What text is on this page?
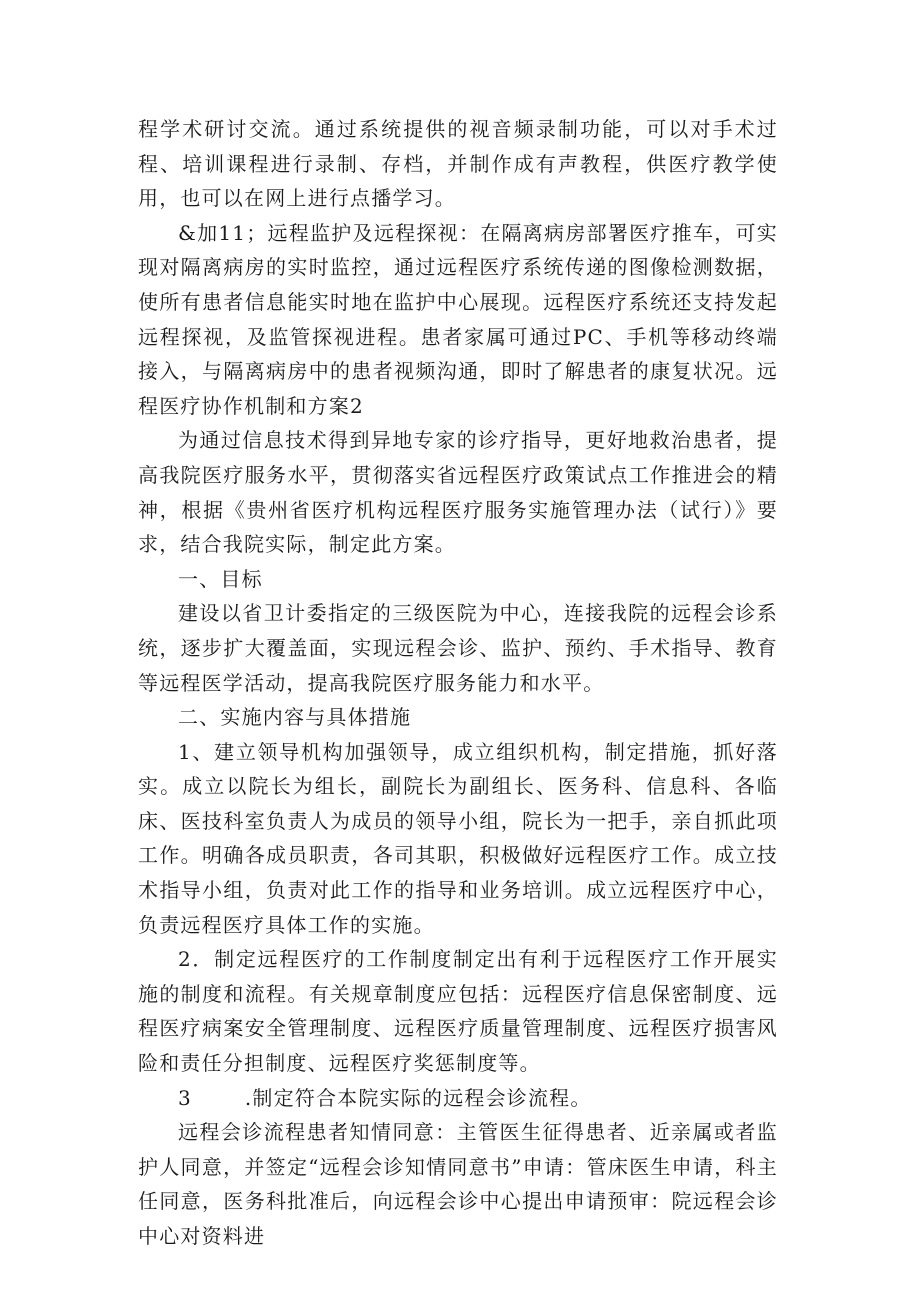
程学术研讨交流。通过系统提供的视音频录制功能，可以对手术过程、培训课程进行录制、存档，并制作成有声教程，供医疗教学使用，也可以在网上进行点播学习。

&加11；远程监护及远程探视：在隔离病房部署医疗推车，可实现对隔离病房的实时监控，通过远程医疗系统传递的图像检测数据，使所有患者信息能实时地在监护中心展现。远程医疗系统还支持发起远程探视，及监管探视进程。患者家属可通过PC、手机等移动终端接入，与隔离病房中的患者视频沟通，即时了解患者的康复状况。远程医疗协作机制和方案2

为通过信息技术得到异地专家的诊疗指导，更好地救治患者，提高我院医疗服务水平，贯彻落实省远程医疗政策试点工作推进会的精神，根据《贵州省医疗机构远程医疗服务实施管理办法（试行）》要求，结合我院实际，制定此方案。

一、目标

建设以省卫计委指定的三级医院为中心，连接我院的远程会诊系统，逐步扩大覆盖面，实现远程会诊、监护、预约、手术指导、教育等远程医学活动，提高我院医疗服务能力和水平。

二、实施内容与具体措施

1、建立领导机构加强领导，成立组织机构，制定措施，抓好落实。成立以院长为组长，副院长为副组长、医务科、信息科、各临床、医技科室负责人为成员的领导小组，院长为一把手，亲自抓此项工作。明确各成员职责，各司其职，积极做好远程医疗工作。成立技术指导小组，负责对此工作的指导和业务培训。成立远程医疗中心，负责远程医疗具体工作的实施。

2．制定远程医疗的工作制度制定出有利于远程医疗工作开展实施的制度和流程。有关规章制度应包括：远程医疗信息保密制度、远程医疗病案安全管理制度、远程医疗质量管理制度、远程医疗损害风险和责任分担制度、远程医疗奖惩制度等。

3       .制定符合本院实际的远程会诊流程。

远程会诊流程患者知情同意：主管医生征得患者、近亲属或者监护人同意，并签定“远程会诊知情同意书”申请：管床医生申请，科主任同意，医务科批准后，向远程会诊中心提出申请预审：院远程会诊中心对资料进
